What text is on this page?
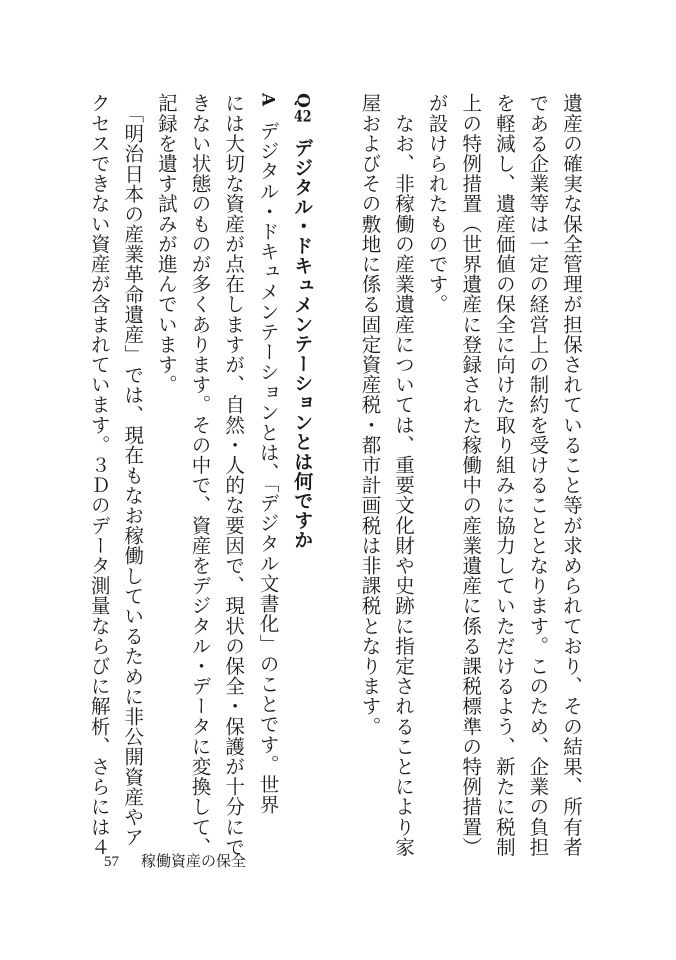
遺産の確実な保全管理が担保されていること等が求められており、その結果、所有者
である企業等は一定の経営上の制約を受けることとなります。このため、企業の負担
を軽減し、遺産価値の保全に向けた取り組みに協力していただけるよう、新たに税制
上の特例措置（世界遺産に登録された稼働中の産業遺産に係る課税標準の特例措置）
が設けられたものです。
　なお、非稼働の産業遺産については、重要文化財や史跡に指定されることにより家
屋およびその敷地に係る固定資産税・都市計画税は非課税となります。
Q42デジタル・ドキュメンテーションとは何ですか
Aデジタル・ドキュメンテーションとは、「デジタル文書化」のことです。世界
には大切な資産が点在しますが、自然・人的な要因で、現状の保全・保護が十分にで
きない状態のものが多くあります。その中で、資産をデジタル・データに変換して、
記録を遺す試みが進んでいます。
　「明治日本の産業革命遺産」では、現在もなお稼働しているために非公開資産やア
クセスできない資産が含まれています。３Ｄのデータ測量ならびに解析、さらには４
57 稼働資産の保全
